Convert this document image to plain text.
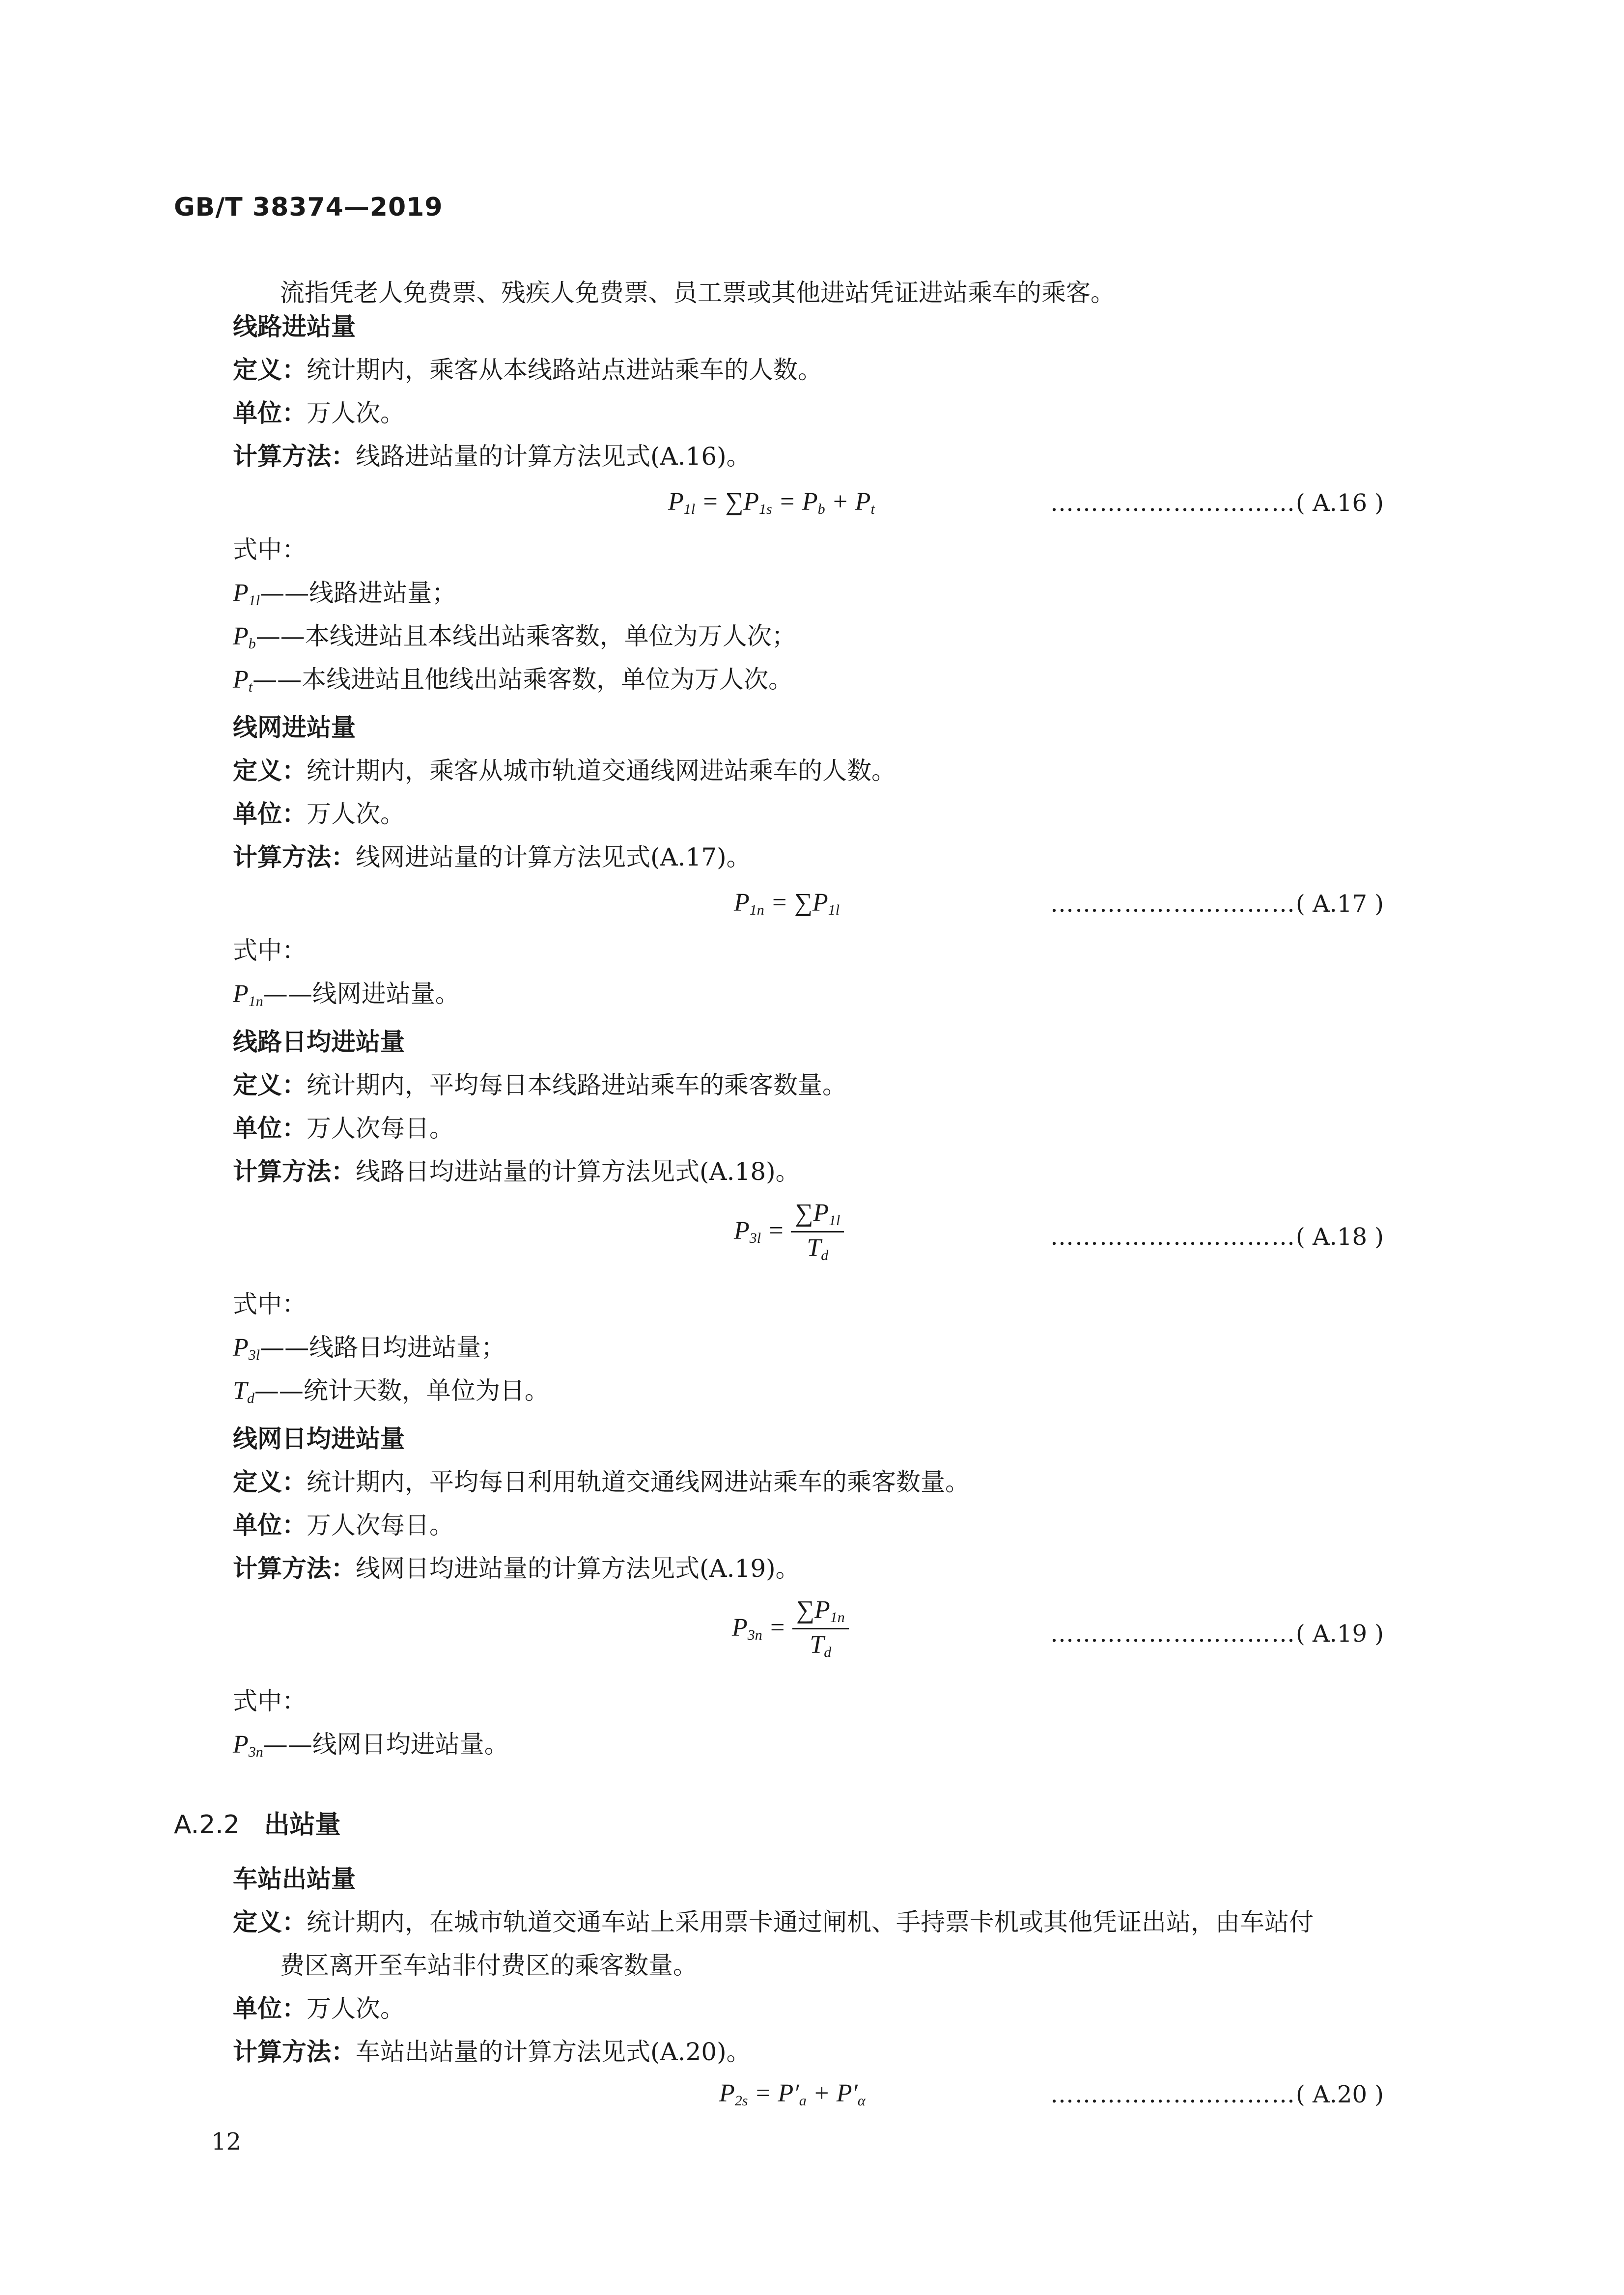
GB/T 38374—2019
流指凭老人免费票、残疾人免费票、员工票或其他进站凭证进站乘车的乘客。
线路进站量
定义：统计期内，乘客从本线路站点进站乘车的人数。
单位：万人次。
计算方法：线路进站量的计算方法见式(A.16)。
$P_{1l} = \sum P_{1s} = P_b + P_t$	…………………………( A.16 )
式中：
$P_{1l}——$线路进站量；
$P_b——$本线进站且本线出站乘客数，单位为万人次；
$P_t——$本线进站且他线出站乘客数，单位为万人次。
线网进站量
定义：统计期内，乘客从城市轨道交通线网进站乘车的人数。
单位：万人次。
计算方法：线网进站量的计算方法见式(A.17)。
$P_{1n} = \sum P_{1l}$	…………………………( A.17 )
式中：
$P_{1n}——$线网进站量。
线路日均进站量
定义：统计期内，平均每日本线路进站乘车的乘客数量。
单位：万人次每日。
计算方法：线路日均进站量的计算方法见式(A.18)。
$P_{3l} = \frac{\sum P_{1l}}{T_d}$	…………………………( A.18 )
式中：
$P_{3l}——$线路日均进站量；
$T_d——$统计天数，单位为日。
线网日均进站量
定义：统计期内，平均每日利用轨道交通线网进站乘车的乘客数量。
单位：万人次每日。
计算方法：线网日均进站量的计算方法见式(A.19)。
$P_{3n} = \frac{\sum P_{1n}}{T_d}$	…………………………( A.19 )
式中：
$P_{3n}——$线网日均进站量。
A.2.2 出站量
车站出站量
定义：统计期内，在城市轨道交通车站上采用票卡通过闸机、手持票卡机或其他凭证出站，由车站付
费区离开至车站非付费区的乘客数量。
单位：万人次。
计算方法：车站出站量的计算方法见式(A.20)。
$P_{2s} = P'_a + P'_\alpha$	…………………………( A.20 )
12
